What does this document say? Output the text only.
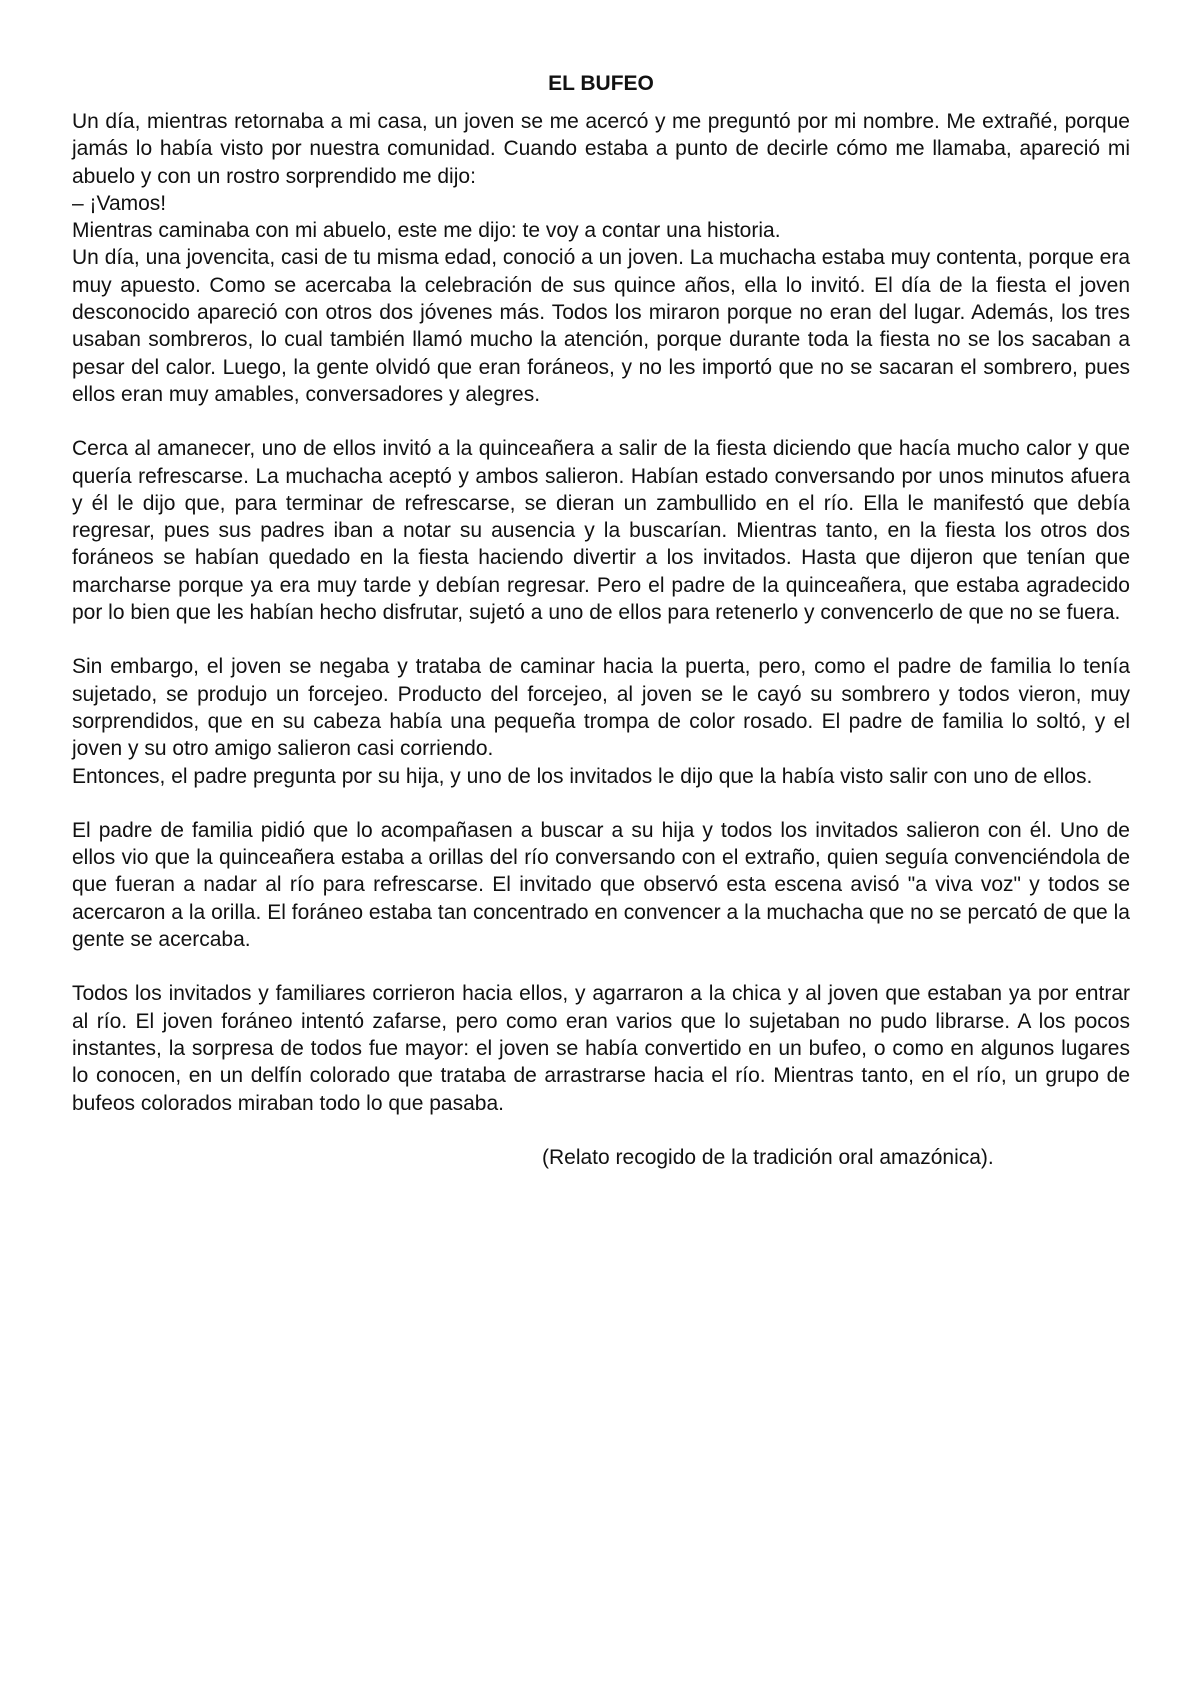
EL BUFEO

Un día, mientras retornaba a mi casa, un joven se me acercó y me preguntó por mi nombre. Me extrañé, porque jamás lo había visto por nuestra comunidad. Cuando estaba a punto de decirle cómo me llamaba, apareció mi abuelo y con un rostro sorprendido me dijo:

– ¡Vamos!

Mientras caminaba con mi abuelo, este me dijo: te voy a contar una historia.

Un día, una jovencita, casi de tu misma edad, conoció a un joven. La muchacha estaba muy contenta, porque era muy apuesto. Como se acercaba la celebración de sus quince años, ella lo invitó. El día de la fiesta el joven desconocido apareció con otros dos jóvenes más. Todos los miraron porque no eran del lugar. Además, los tres usaban sombreros, lo cual también llamó mucho la atención, porque durante toda la fiesta no se los sacaban a pesar del calor. Luego, la gente olvidó que eran foráneos, y no les importó que no se sacaran el sombrero, pues ellos eran muy amables, conversadores y alegres.

Cerca al amanecer, uno de ellos invitó a la quinceañera a salir de la fiesta diciendo que hacía mucho calor y que quería refrescarse. La muchacha aceptó y ambos salieron. Habían estado conversando por unos minutos afuera y él le dijo que, para terminar de refrescarse, se dieran un zambullido en el río. Ella le manifestó que debía regresar, pues sus padres iban a notar su ausencia y la buscarían. Mientras tanto, en la fiesta los otros dos foráneos se habían quedado en la fiesta haciendo divertir a los invitados. Hasta que dijeron que tenían que marcharse porque ya era muy tarde y debían regresar. Pero el padre de la quinceañera, que estaba agradecido por lo bien que les habían hecho disfrutar, sujetó a uno de ellos para retenerlo y convencerlo de que no se fuera.

Sin embargo, el joven se negaba y trataba de caminar hacia la puerta, pero, como el padre de familia lo tenía sujetado, se produjo un forcejeo. Producto del forcejeo, al joven se le cayó su sombrero y todos vieron, muy sorprendidos, que en su cabeza había una pequeña trompa de color rosado. El padre de familia lo soltó, y el joven y su otro amigo salieron casi corriendo.

Entonces, el padre pregunta por su hija, y uno de los invitados le dijo que la había visto salir con uno de ellos.

El padre de familia pidió que lo acompañasen a buscar a su hija y todos los invitados salieron con él. Uno de ellos vio que la quinceañera estaba a orillas del río conversando con el extraño, quien seguía convenciéndola de que fueran a nadar al río para refrescarse. El invitado que observó esta escena avisó "a viva voz" y todos se acercaron a la orilla. El foráneo estaba tan concentrado en convencer a la muchacha que no se percató de que la gente se acercaba.

Todos los invitados y familiares corrieron hacia ellos, y agarraron a la chica y al joven que estaban ya por entrar al río. El joven foráneo intentó zafarse, pero como eran varios que lo sujetaban no pudo librarse. A los pocos instantes, la sorpresa de todos fue mayor: el joven se había convertido en un bufeo, o como en algunos lugares lo conocen, en un delfín colorado que trataba de arrastrarse hacia el río. Mientras tanto, en el río, un grupo de bufeos colorados miraban todo lo que pasaba.

(Relato recogido de la tradición oral amazónica).
